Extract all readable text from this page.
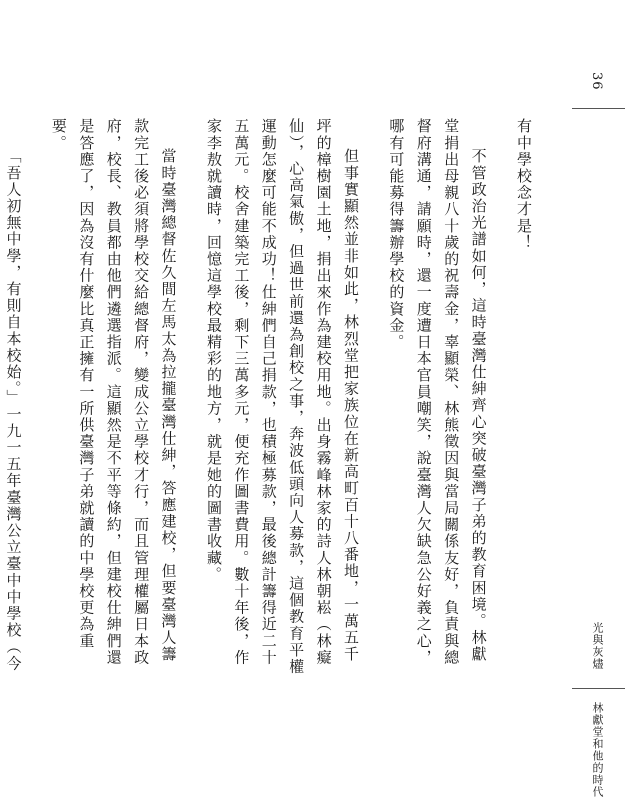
36

有中學校念才是！

不管政治光譜如何，這時臺灣仕紳齊心突破臺灣子弟的教育困境。林獻堂捐出母親八十歲的祝壽金，辜顯榮、林熊徵因與當局關係友好，負責與總督府溝通，請願時，還一度遭日本官員嘲笑，說臺灣人欠缺急公好義之心，哪有可能募得籌辦學校的資金。

但事實顯然並非如此，林烈堂把家族位在新高町百十八番地，一萬五千坪的樟樹園土地，捐出來作為建校用地。出身霧峰林家的詩人林朝崧（林癡仙），心高氣傲，但過世前還為創校之事，奔波低頭向人募款，這個教育平權運動怎麼可能不成功！仕紳們自己捐款，也積極募款，最後總計籌得近二十五萬元。校舍建築完工後，剩下三萬多元，便充作圖書費用。數十年後，作家李敖就讀時，回憶這學校最精彩的地方，就是她的圖書收藏。

當時臺灣總督佐久間左馬太為拉攏臺灣仕紳，答應建校，但要臺灣人籌款完工後必須將學校交給總督府，變成公立學校才行，而且管理權屬日本政府，校長、教員都由他們遴選指派。這顯然是不平等條約，但建校仕紳們還是答應了，因為沒有什麼比真正擁有一所供臺灣子弟就讀的中學校更為重要。

「吾人初無中學，有則自本校始。」一九一五年臺灣公立臺中中學校（今	光與灰燼
林獻堂和他的時代
